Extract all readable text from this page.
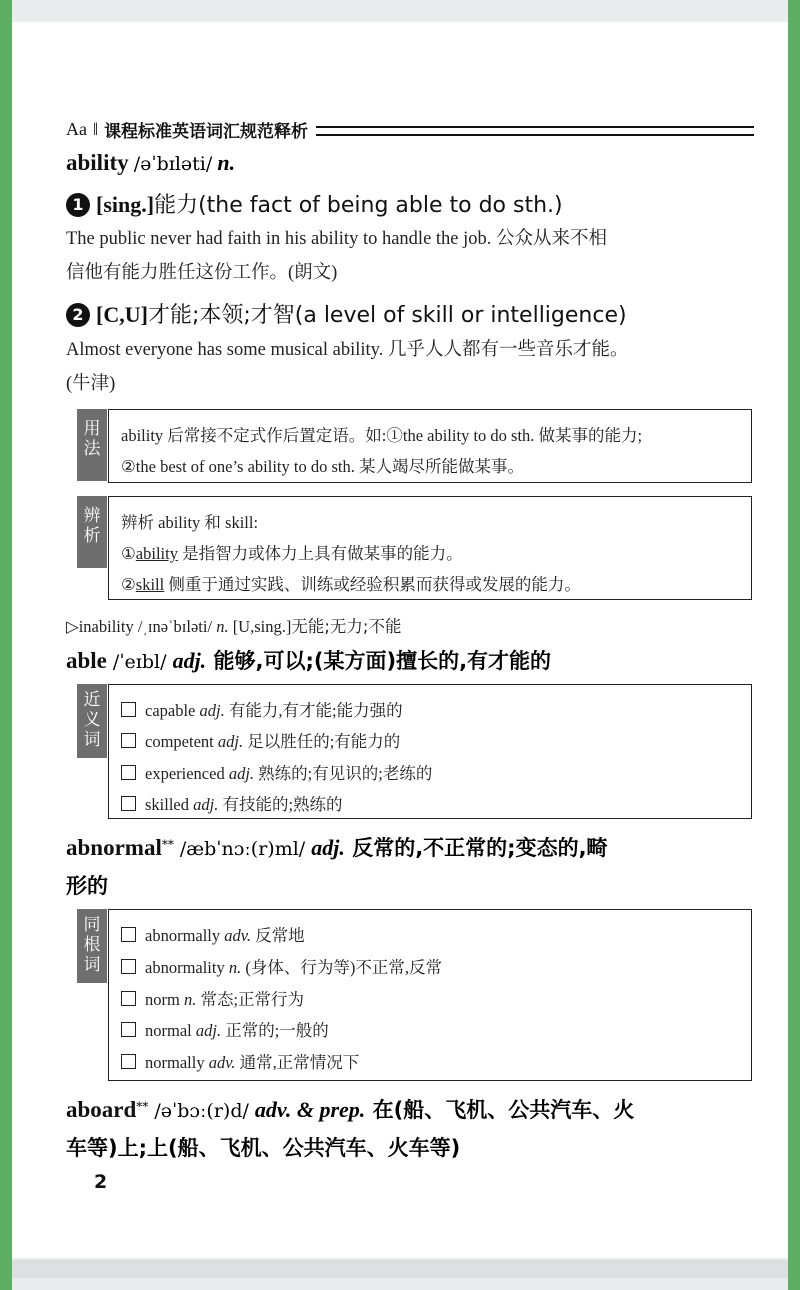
Aa ‖ 课程标准英语词汇规范释析
ability /əˈbɪləti/ n.
1 [sing.]能力(the fact of being able to do sth.)
The public never had faith in his ability to handle the job. 公众从来不相
信他有能力胜任这份工作。(朗文)
2 [C,U]才能;本领;才智(a level of skill or intelligence)
Almost everyone has some musical ability. 几乎人人都有一些音乐才能。
(牛津)
用法
ability 后常接不定式作后置定语。如:①the ability to do sth. 做某事的能力;
②the best of one’s ability to do sth. 某人竭尽所能做某事。
辨析
辨析 ability 和 skill:
①ability 是指智力或体力上具有做某事的能力。
②skill 侧重于通过实践、训练或经验积累而获得或发展的能力。
▷inability /ˌɪnəˈbɪləti/ n. [U,sing.]无能;无力;不能
able /ˈeɪbl/ adj. 能够,可以;(某方面)擅长的,有才能的
近义词
capable adj. 有能力,有才能;能力强的
competent adj. 足以胜任的;有能力的
experienced adj. 熟练的;有见识的;老练的
skilled adj. 有技能的;熟练的
abnormal** /æbˈnɔː(r)ml/ adj. 反常的,不正常的;变态的,畸
形的
同根词
abnormally adv. 反常地
abnormality n. (身体、行为等)不正常,反常
norm n. 常态;正常行为
normal adj. 正常的;一般的
normally adv. 通常,正常情况下
aboard** /əˈbɔː(r)d/ adv. & prep. 在(船、飞机、公共汽车、火
车等)上;上(船、飞机、公共汽车、火车等)
2
